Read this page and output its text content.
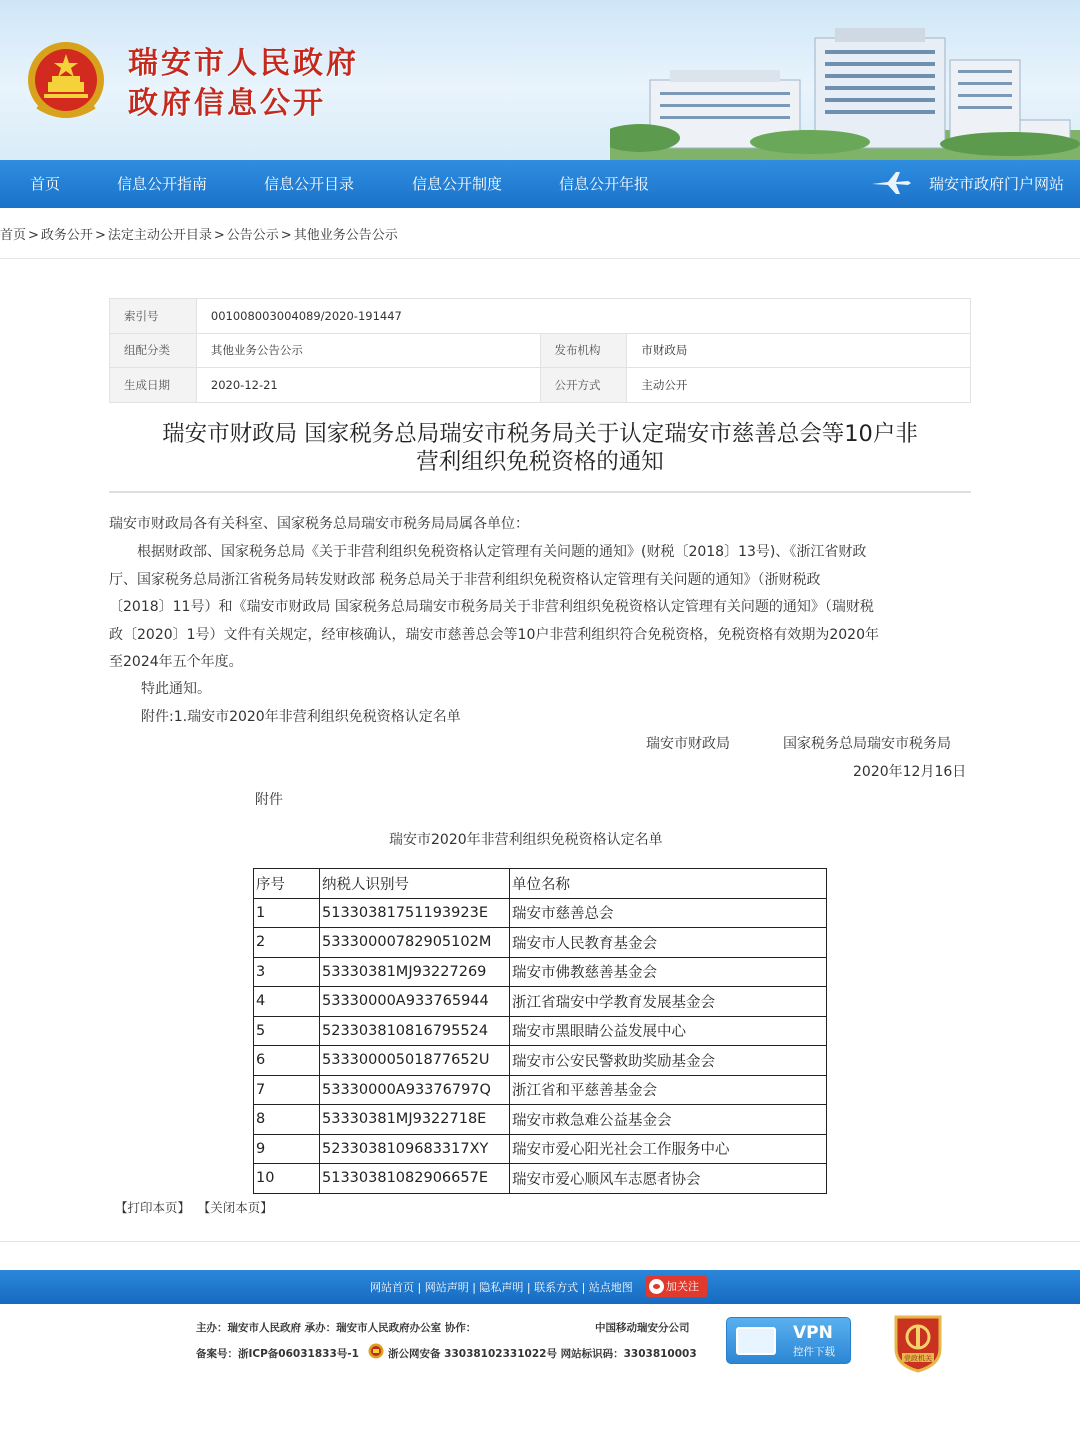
瑞安市人民政府
政府信息公开
首页	信息公开指南	信息公开目录	信息公开制度	信息公开年报	瑞安市政府门户网站
首页 > 政务公开 > 法定主动公开目录 > 公告公示 > 其他业务公告公示
索引号	001008003004089/2020-191447		
组配分类	其他业务公告公示	发布机构	市财政局
生成日期	2020-12-21	公开方式	主动公开
瑞安市财政局 国家税务总局瑞安市税务局关于认定瑞安市慈善总会等10户非
营利组织免税资格的通知
瑞安市财政局各有关科室、国家税务总局瑞安市税务局局属各单位：
　　根据财政部、国家税务总局《关于非营利组织免税资格认定管理有关问题的通知》(财税〔2018〕13号)、《浙江省财政
厅、国家税务总局浙江省税务局转发财政部 税务总局关于非营利组织免税资格认定管理有关问题的通知》（浙财税政
〔2018〕11号）和《瑞安市财政局 国家税务总局瑞安市税务局关于非营利组织免税资格认定管理有关问题的通知》（瑞财税
政〔2020〕1号）文件有关规定，经审核确认，瑞安市慈善总会等10户非营利组织符合免税资格，免税资格有效期为2020年
至2024年五个年度。
特此通知。
附件:1.瑞安市2020年非营利组织免税资格认定名单
瑞安市财政局	国家税务总局瑞安市税务局
2020年12月16日
附件
瑞安市2020年非营利组织免税资格认定名单
序号	纳税人识别号	单位名称
1	51330381751193923E	瑞安市慈善总会
2	53330000782905102M	瑞安市人民教育基金会
3	53330381MJ93227269	瑞安市佛教慈善基金会
4	53330000A933765944	浙江省瑞安中学教育发展基金会
5	52330381081679552​4	瑞安市黑眼睛公益发展中心
6	53330000501877652U	瑞安市公安民警救助奖励基金会
7	53330000A93376797Q	浙江省和平慈善基金会
8	53330381MJ9322718E	瑞安市救急难公益基金会
9	5233038109683317XY	瑞安市爱心阳光社会工作服务中心
10	51330381082906657E	瑞安市爱心顺风车志愿者协会
【打印本页】 【关闭本页】
网站首页 | 网站声明 | 隐私声明 | 联系方式 | 站点地图	加关注
主办：瑞安市人民政府 承办：瑞安市人民政府办公室 协作：	中国移动瑞安分公司
备案号：浙ICP备06031833号-1	浙公网安备 33038102331022号 网站标识码：3303810003
VPN
控件下载
党政机关
